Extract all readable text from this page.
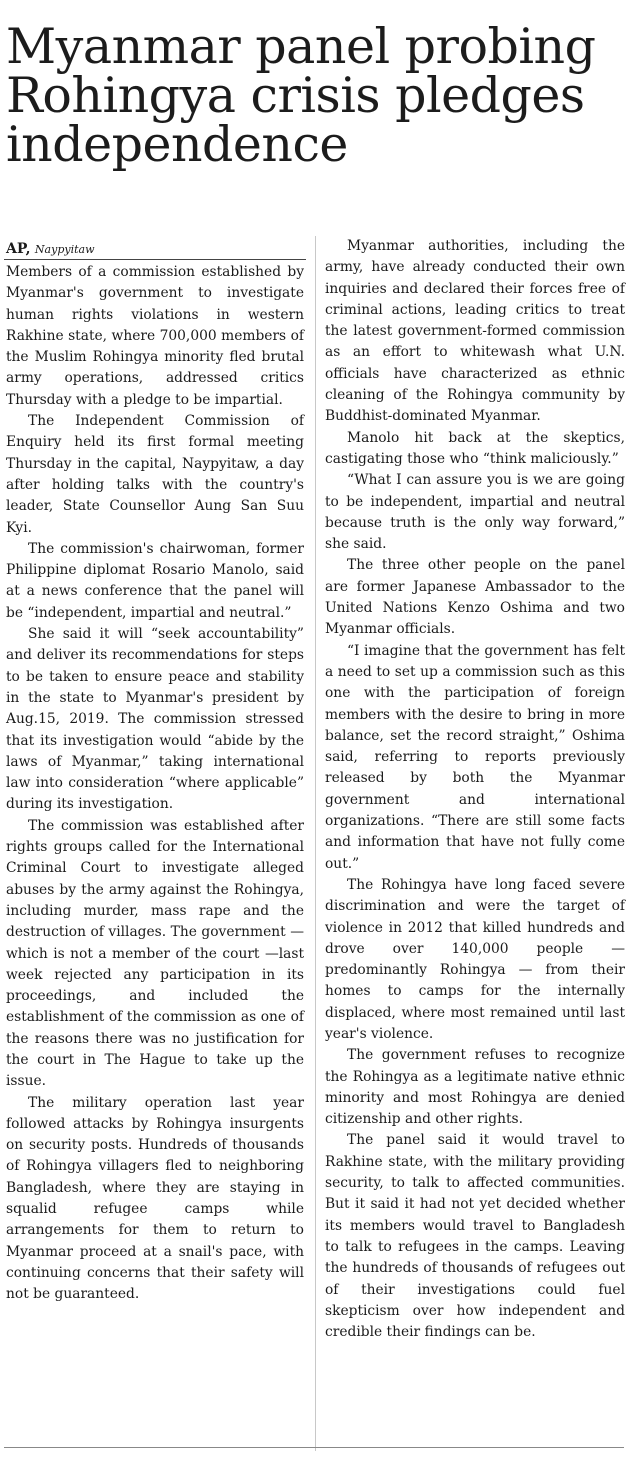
Myanmar panel probing Rohingya crisis pledges independence
AP, Naypyitaw

Members of a commission established by Myanmar's government to investigate human rights violations in western Rakhine state, where 700,000 members of the Muslim Rohingya minority fled brutal army operations, addressed critics Thursday with a pledge to be impartial.

The Independent Commission of Enquiry held its first formal meeting Thursday in the capital, Naypyitaw, a day after holding talks with the country's leader, State Counsellor Aung San Suu Kyi.

The commission's chairwoman, former Philippine diplomat Rosario Manolo, said at a news conference that the panel will be “independent, impartial and neutral.”

She said it will “seek accountability” and deliver its recommendations for steps to be taken to ensure peace and stability in the state to Myanmar's president by Aug.15, 2019. The commission stressed that its investigation would “abide by the laws of Myanmar,” taking international law into consideration “where applicable” during its investigation.

The commission was established after rights groups called for the International Criminal Court to investigate alleged abuses by the army against the Rohingya, including murder, mass rape and the destruction of villages. The government — which is not a member of the court —last week rejected any participation in its proceedings, and included the establishment of the commission as one of the reasons there was no justification for the court in The Hague to take up the issue.

The military operation last year followed attacks by Rohingya insurgents on security posts. Hundreds of thousands of Rohingya villagers fled to neighboring Bangladesh, where they are staying in squalid refugee camps while arrangements for them to return to Myanmar proceed at a snail's pace, with continuing concerns that their safety will not be guaranteed.

Myanmar authorities, including the army, have already conducted their own inquiries and declared their forces free of criminal actions, leading critics to treat the latest government-formed commission as an effort to whitewash what U.N. officials have characterized as ethnic cleaning of the Rohingya community by Buddhist-dominated Myanmar.

Manolo hit back at the skeptics, castigating those who “think maliciously.”

“What I can assure you is we are going to be independent, impartial and neutral because truth is the only way forward,” she said.

The three other people on the panel are former Japanese Ambassador to the United Nations Kenzo Oshima and two Myanmar officials.

“I imagine that the government has felt a need to set up a commission such as this one with the participation of foreign members with the desire to bring in more balance, set the record straight,” Oshima said, referring to reports previously released by both the Myanmar government and international organizations. “There are still some facts and information that have not fully come out.”

The Rohingya have long faced severe discrimination and were the target of violence in 2012 that killed hundreds and drove over 140,000 people — predominantly Rohingya — from their homes to camps for the internally displaced, where most remained until last year's violence.

The government refuses to recognize the Rohingya as a legitimate native ethnic minority and most Rohingya are denied citizenship and other rights.

The panel said it would travel to Rakhine state, with the military providing security, to talk to affected communities. But it said it had not yet decided whether its members would travel to Bangladesh to talk to refugees in the camps. Leaving the hundreds of thousands of refugees out of their investigations could fuel skepticism over how independent and credible their findings can be.
